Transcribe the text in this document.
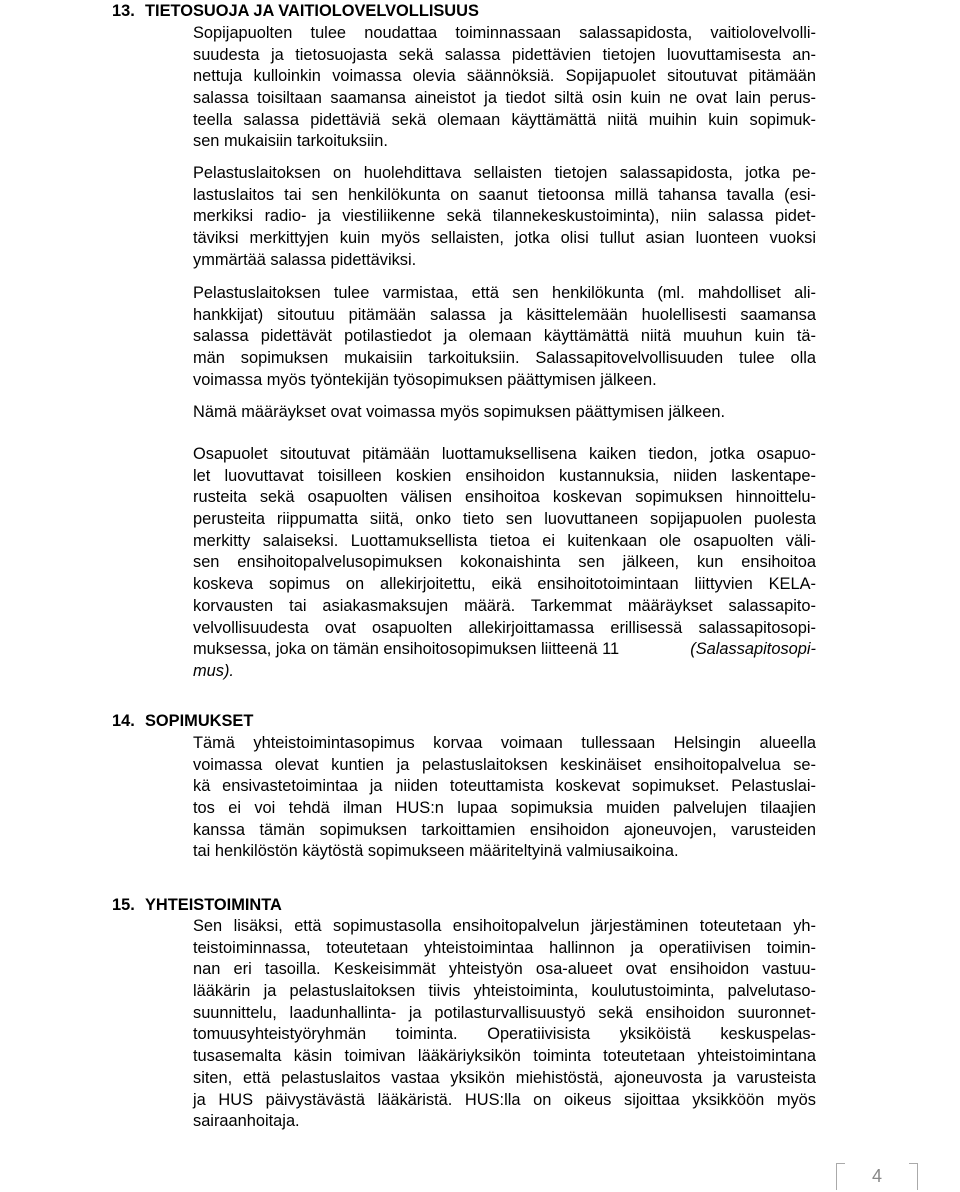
13. TIETOSUOJA JA VAITIOLOVELVOLLISUUS
Sopijapuolten tulee noudattaa toiminnassaan salassapidosta, vaitiolovelvolli-
suudesta ja tietosuojasta sekä salassa pidettävien tietojen luovuttamisesta an-
nettuja kulloinkin voimassa olevia säännöksiä. Sopijapuolet sitoutuvat pitämään
salassa toisiltaan saamansa aineistot ja tiedot siltä osin kuin ne ovat lain perus-
teella salassa pidettäviä sekä olemaan käyttämättä niitä muihin kuin sopimuk-
sen mukaisiin tarkoituksiin.
Pelastuslaitoksen on huolehdittava sellaisten tietojen salassapidosta, jotka pe-
lastuslaitos tai sen henkilökunta on saanut tietoonsa millä tahansa tavalla (esi-
merkiksi radio- ja viestiliikenne sekä tilannekeskustoiminta), niin salassa pidet-
täviksi merkittyjen kuin myös sellaisten, jotka olisi tullut asian luonteen vuoksi
ymmärtää salassa pidettäviksi.
Pelastuslaitoksen tulee varmistaa, että sen henkilökunta (ml. mahdolliset ali-
hankkijat) sitoutuu pitämään salassa ja käsittelemään huolellisesti saamansa
salassa pidettävät potilastiedot ja olemaan käyttämättä niitä muuhun kuin tä-
män sopimuksen mukaisiin tarkoituksiin. Salassapitovelvollisuuden tulee olla
voimassa myös työntekijän työsopimuksen päättymisen jälkeen.
Nämä määräykset ovat voimassa myös sopimuksen päättymisen jälkeen.
Osapuolet sitoutuvat pitämään luottamuksellisena kaiken tiedon, jotka osapuo-
let luovuttavat toisilleen koskien ensihoidon kustannuksia, niiden laskentape-
rusteita sekä osapuolten välisen ensihoitoa koskevan sopimuksen hinnoittelu-
perusteita riippumatta siitä, onko tieto sen luovuttaneen sopijapuolen puolesta
merkitty salaiseksi. Luottamuksellista tietoa ei kuitenkaan ole osapuolten väli-
sen ensihoitopalvelusopimuksen kokonaishinta sen jälkeen, kun ensihoitoa
koskeva sopimus on allekirjoitettu, eikä ensihoitotoimintaan liittyvien KELA-
korvausten tai asiakasmaksujen määrä. Tarkemmat määräykset salassapito-
velvollisuudesta ovat osapuolten allekirjoittamassa erillisessä salassapitosopi-
muksessa, joka on tämän ensihoitosopimuksen liitteenä 11	(Salassapitosopi-
mus).
14. SOPIMUKSET
Tämä yhteistoimintasopimus korvaa voimaan tullessaan Helsingin alueella
voimassa olevat kuntien ja pelastuslaitoksen keskinäiset ensihoitopalvelua se-
kä ensivastetoimintaa ja niiden toteuttamista koskevat sopimukset. Pelastuslai-
tos ei voi tehdä ilman HUS:n lupaa sopimuksia muiden palvelujen tilaajien
kanssa tämän sopimuksen tarkoittamien ensihoidon ajoneuvojen, varusteiden
tai henkilöstön käytöstä sopimukseen määriteltyinä valmiusaikoina.
15. YHTEISTOIMINTA
Sen lisäksi, että sopimustasolla ensihoitopalvelun järjestäminen toteutetaan yh-
teistoiminnassa, toteutetaan yhteistoimintaa hallinnon ja operatiivisen toimin-
nan eri tasoilla. Keskeisimmät yhteistyön osa-alueet ovat ensihoidon vastuu-
lääkärin ja pelastuslaitoksen tiivis yhteistoiminta, koulutustoiminta, palvelutaso-
suunnittelu, laadunhallinta- ja potilasturvallisuustyö sekä ensihoidon suuronnet-
tomuusyhteistyöryhmän toiminta. Operatiivisista yksiköistä keskuspelas-
tusasemalta käsin toimivan lääkäriyksikön toiminta toteutetaan yhteistoimintana
siten, että pelastuslaitos vastaa yksikön miehistöstä, ajoneuvosta ja varusteista
ja HUS päivystävästä lääkäristä. HUS:lla on oikeus sijoittaa yksikköön myös
sairaanhoitaja.
4
